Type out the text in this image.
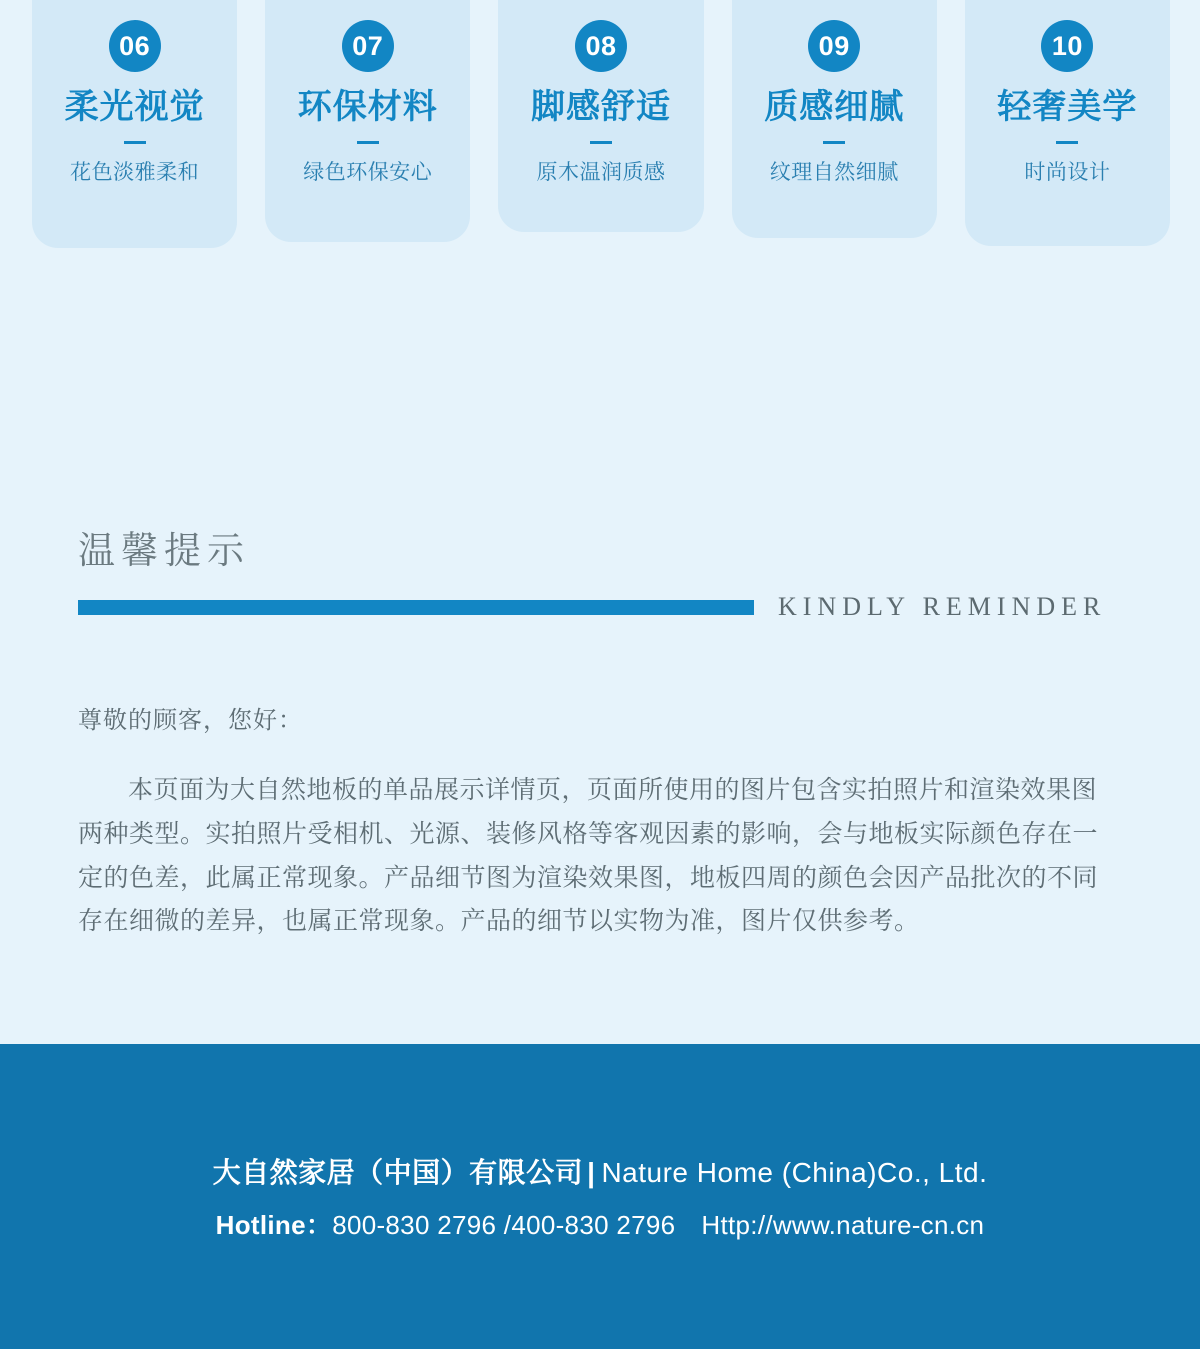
06
柔光视觉
花色淡雅柔和
07
环保材料
绿色环保安心
08
脚感舒适
原木温润质感
09
质感细腻
纹理自然细腻
10
轻奢美学
时尚设计
温馨提示
KINDLY REMINDER
尊敬的顾客，您好：
本页面为大自然地板的单品展示详情页，页面所使用的图片包含实拍照片和渲染效果图两种类型。实拍照片受相机、光源、装修风格等客观因素的影响，会与地板实际颜色存在一定的色差，此属正常现象。产品细节图为渲染效果图，地板四周的颜色会因产品批次的不同存在细微的差异，也属正常现象。产品的细节以实物为准，图片仅供参考。
大自然家居（中国）有限公司 | Nature Home (China)Co., Ltd.
Hotline：800-830 2796 /400-830 2796 Http://www.nature-cn.cn
